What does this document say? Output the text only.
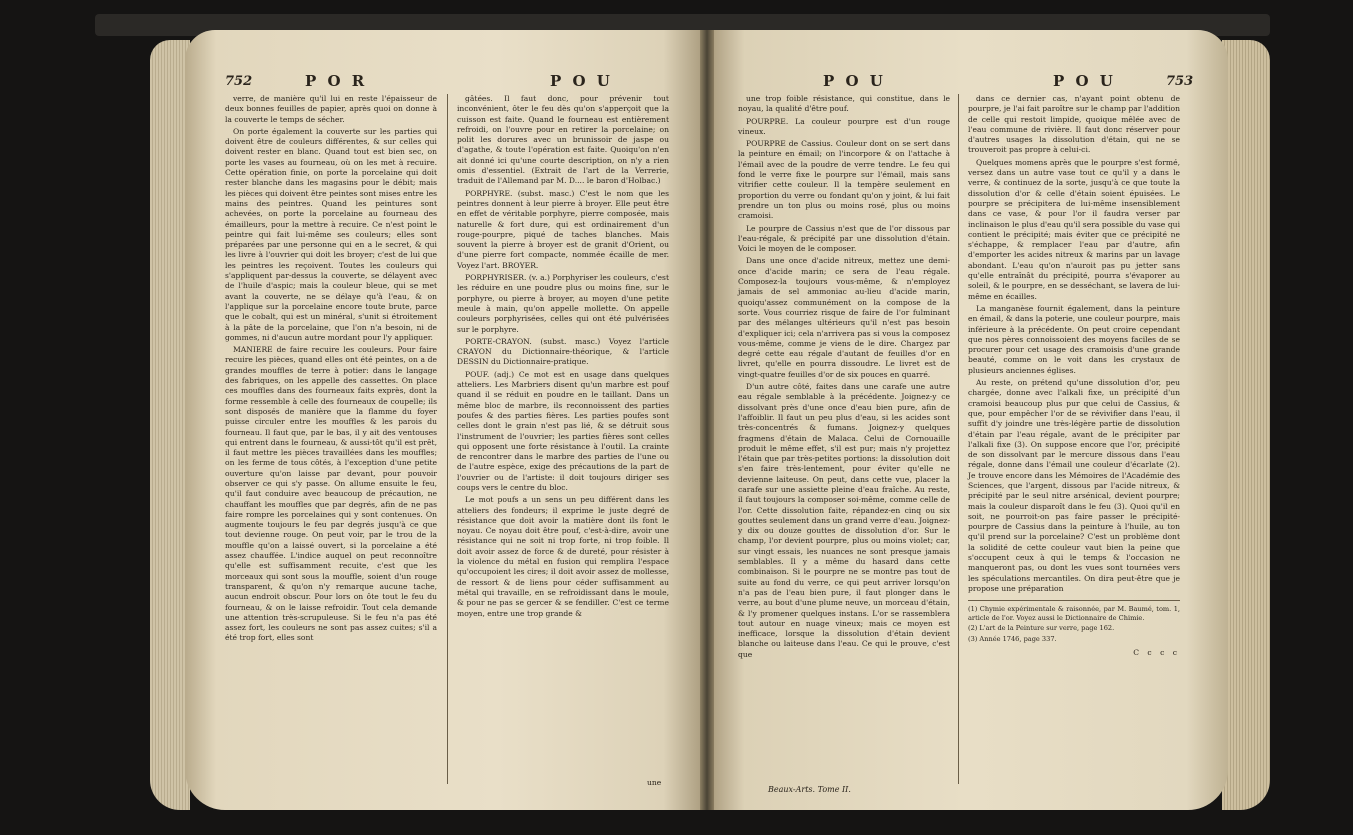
752	P O R	P O U

verre, de manière qu'il lui en reste l'épaisseur de deux bonnes feuilles de papier, après quoi on donne à la couverte le temps de sécher.

On porte également la couverte sur les parties qui doivent être de couleurs différentes, & sur celles qui doivent rester en blanc. Quand tout est bien sec, on porte les vases au fourneau, où on les met à recuire. Cette opération finie, on porte la porcelaine qui doit rester blanche dans les magasins pour le débit; mais les pièces qui doivent être peintes sont mises entre les mains des peintres. Quand les peintures sont achevées, on porte la porcelaine au fourneau des émailleurs, pour la mettre à recuire. Ce n'est point le peintre qui fait lui-même ses couleurs; elles sont préparées par une personne qui en a le secret, & qui les livre à l'ouvrier qui doit les broyer; c'est de lui que les peintres les reçoivent. Toutes les couleurs qui s'appliquent par-dessus la couverte, se délayent avec de l'huile d'aspic; mais la couleur bleue, qui se met avant la couverte, ne se délaye qu'à l'eau, & on l'applique sur la porcelaine encore toute brute, parce que le cobalt, qui est un minéral, s'unit si étroitement à la pâte de la porcelaine, que l'on n'a besoin, ni de gommes, ni d'aucun autre mordant pour l'y appliquer.

MANIERE de faire recuire les couleurs. Pour faire recuire les pièces, quand elles ont été peintes, on a de grandes mouffles de terre à potier: dans le langage des fabriques, on les appelle des cassettes. On place ces mouffles dans des fourneaux faits exprès, dont la forme ressemble à celle des fourneaux de coupelle; ils sont disposés de manière que la flamme du foyer puisse circuler entre les mouffles & les parois du fourneau. Il faut que, par le bas, il y ait des ventouses qui entrent dans le fourneau, & aussi-tôt qu'il est prêt, il faut mettre les pièces travaillées dans les mouffles; on les ferme de tous côtés, à l'exception d'une petite ouverture qu'on laisse par devant, pour pouvoir observer ce qui s'y passe. On allume ensuite le feu, qu'il faut conduire avec beaucoup de précaution, ne chauffant les mouffles que par degrés, afin de ne pas faire rompre les porcelaines qui y sont contenues. On augmente toujours le feu par degrés jusqu'à ce que tout devienne rouge. On peut voir, par le trou de la mouffle qu'on a laissé ouvert, si la porcelaine a été assez chauffée. L'indice auquel on peut reconnoître qu'elle est suffisamment recuite, c'est que les morceaux qui sont sous la mouffle, soient d'un rouge transparent, & qu'on n'y remarque aucune tache, aucun endroit obscur. Pour lors on ôte tout le feu du fourneau, & on le laisse refroidir. Tout cela demande une attention très-scrupuleuse. Si le feu n'a pas été assez fort, les couleurs ne sont pas assez cuites; s'il a été trop fort, elles sont

gâtées. Il faut donc, pour prévenir tout inconvénient, ôter le feu dès qu'on s'apperçoit que la cuisson est faite. Quand le fourneau est entièrement refroidi, on l'ouvre pour en retirer la porcelaine; on polit les dorures avec un brunissoir de jaspe ou d'agathe, & toute l'opération est faite. Quoiqu'on n'en ait donné ici qu'une courte description, on n'y a rien omis d'essentiel. (Extrait de l'art de la Verrerie, traduit de l'Allemand par M. D.... le baron d'Holbac.)

PORPHYRE. (subst. masc.) C'est le nom que les peintres donnent à leur pierre à broyer. Elle peut être en effet de véritable porphyre, pierre composée, mais naturelle & fort dure, qui est ordinairement d'un rouge-pourpre, piqué de taches blanches. Mais souvent la pierre à broyer est de granit d'Orient, ou d'une pierre fort compacte, nommée écaille de mer. Voyez l'art. BROYER.

PORPHYRISER. (v. a.) Porphyriser les couleurs, c'est les réduire en une poudre plus ou moins fine, sur le porphyre, ou pierre à broyer, au moyen d'une petite meule à main, qu'on appelle mollette. On appelle couleurs porphyrisées, celles qui ont été pulvérisées sur le porphyre.

PORTE-CRAYON. (subst. masc.) Voyez l'article CRAYON du Dictionnaire-théorique, & l'article DESSIN du Dictionnaire-pratique.

POUF. (adj.) Ce mot est en usage dans quelques atteliers. Les Marbriers disent qu'un marbre est pouf quand il se réduit en poudre en le taillant. Dans un même bloc de marbre, ils reconnoissent des parties poufes & des parties fières. Les parties poufes sont celles dont le grain n'est pas lié, & se détruit sous l'instrument de l'ouvrier; les parties fières sont celles qui opposent une forte résistance à l'outil. La crainte de rencontrer dans le marbre des parties de l'une ou de l'autre espèce, exige des précautions de la part de l'ouvrier ou de l'artiste: il doit toujours diriger ses coups vers le centre du bloc.

Le mot poufs a un sens un peu différent dans les atteliers des fondeurs; il exprime le juste degré de résistance que doit avoir la matière dont ils font le noyau. Ce noyau doit être pouf, c'est-à-dire, avoir une résistance qui ne soit ni trop forte, ni trop foible. Il doit avoir assez de force & de dureté, pour résister à la violence du métal en fusion qui remplira l'espace qu'occupoient les cires; il doit avoir assez de mollesse, de ressort & de liens pour céder suffisamment au métal qui travaille, en se refroidissant dans le moule, & pour ne pas se gercer & se fendiller. C'est ce terme moyen, entre une trop grande &

une
P O U	P O U	753

une trop foible résistance, qui constitue, dans le noyau, la qualité d'être pouf.

POURPRE. La couleur pourpre est d'un rouge vineux.

POURPRE de Cassius. Couleur dont on se sert dans la peinture en émail; on l'incorpore & on l'attache à l'émail avec de la poudre de verre tendre. Le feu qui fond le verre fixe le pourpre sur l'émail, mais sans vitrifier cette couleur. Il la tempère seulement en proportion du verre ou fondant qu'on y joint, & lui fait prendre un ton plus ou moins rosé, plus ou moins cramoisi.

Le pourpre de Cassius n'est que de l'or dissous par l'eau-régale, & précipité par une dissolution d'étain. Voici le moyen de le composer.

Dans une once d'acide nitreux, mettez une demi-once d'acide marin; ce sera de l'eau régale. Composez-la toujours vous-même, & n'employez jamais de sel ammoniac au-lieu d'acide marin, quoiqu'assez communément on la compose de la sorte. Vous courriez risque de faire de l'or fulminant par des mélanges ultérieurs qu'il n'est pas besoin d'expliquer ici; cela n'arrivera pas si vous la composez vous-même, comme je viens de le dire. Chargez par degré cette eau régale d'autant de feuilles d'or en livret, qu'elle en pourra dissoudre. Le livret est de vingt-quatre feuilles d'or de six pouces en quarré.

D'un autre côté, faites dans une carafe une autre eau régale semblable à la précédente. Joignez-y ce dissolvant près d'une once d'eau bien pure, afin de l'affoiblir. Il faut un peu plus d'eau, si les acides sont très-concentrés & fumans. Joignez-y quelques fragmens d'étain de Malaca. Celui de Cornouaille produit le même effet, s'il est pur; mais n'y projettez l'étain que par très-petites portions: la dissolution doit s'en faire très-lentement, pour éviter qu'elle ne devienne laiteuse. On peut, dans cette vue, placer la carafe sur une assiette pleine d'eau fraîche. Au reste, il faut toujours la composer soi-même, comme celle de l'or. Cette dissolution faite, répandez-en cinq ou six gouttes seulement dans un grand verre d'eau. Joignez-y dix ou douze gouttes de dissolution d'or. Sur le champ, l'or devient pourpre, plus ou moins violet; car, sur vingt essais, les nuances ne sont presque jamais semblables. Il y a même du hasard dans cette combinaison. Si le pourpre ne se montre pas tout de suite au fond du verre, ce qui peut arriver lorsqu'on n'a pas de l'eau bien pure, il faut plonger dans le verre, au bout d'une plume neuve, un morceau d'étain, & l'y promener quelques instans. L'or se rassemblera tout autour en nuage vineux; mais ce moyen est inefficace, lorsque la dissolution d'étain devient blanche ou laiteuse dans l'eau. Ce qui le prouve, c'est que

dans ce dernier cas, n'ayant point obtenu de pourpre, je l'ai fait paroître sur le champ par l'addition de celle qui restoit limpide, quoique mêlée avec de l'eau commune de rivière. Il faut donc réserver pour d'autres usages la dissolution d'étain, qui ne se trouveroit pas propre à celui-ci.

Quelques momens après que le pourpre s'est formé, versez dans un autre vase tout ce qu'il y a dans le verre, & continuez de la sorte, jusqu'à ce que toute la dissolution d'or & celle d'étain soient épuisées. Le pourpre se précipitera de lui-même insensiblement dans ce vase, & pour l'or il faudra verser par inclinaison le plus d'eau qu'il sera possible du vase qui contient le précipité; mais éviter que ce précipité ne s'échappe, & remplacer l'eau par d'autre, afin d'emporter les acides nitreux & marins par un lavage abondant. L'eau qu'on n'auroit pas pu jetter sans qu'elle entraînât du précipité, pourra s'évaporer au soleil, & le pourpre, en se desséchant, se lavera de lui-même en écailles.

La manganèse fournit également, dans la peinture en émail, & dans la poterie, une couleur pourpre, mais inférieure à la précédente. On peut croire cependant que nos pères connoissoient des moyens faciles de se procurer pour cet usage des cramoisis d'une grande beauté, comme on le voit dans les crystaux de plusieurs anciennes églises.

Au reste, on prétend qu'une dissolution d'or, peu chargée, donne avec l'alkali fixe, un précipité d'un cramoisi beaucoup plus pur que celui de Cassius, & que, pour empêcher l'or de se révivifier dans l'eau, il suffit d'y joindre une très-légère partie de dissolution d'étain par l'eau régale, avant de le précipiter par l'alkali fixe (3). On suppose encore que l'or, précipité de son dissolvant par le mercure dissous dans l'eau régale, donne dans l'émail une couleur d'écarlate (2). Je trouve encore dans les Mémoires de l'Académie des Sciences, que l'argent, dissous par l'acide nitreux, & précipité par le seul nitre arsénical, devient pourpre; mais la couleur disparoît dans le feu (3). Quoi qu'il en soit, ne pourroit-on pas faire passer le précipité-pourpre de Cassius dans la peinture à l'huile, au ton qu'il prend sur la porcelaine? C'est un problème dont la solidité de cette couleur vaut bien la peine que s'occupent ceux à qui le temps & l'occasion ne manqueront pas, ou dont les vues sont tournées vers les spéculations mercantiles. On dira peut-être que je propose une préparation

(1) Chymie expérimentale & raisonnée, par M. Baumé, tom. 1, article de l'or. Voyez aussi le Dictionnaire de Chimie.

(2) L'art de la Peinture sur verre, page 162.

(3) Année 1746, page 337.

C c c c
Beaux-Arts. Tome II.
